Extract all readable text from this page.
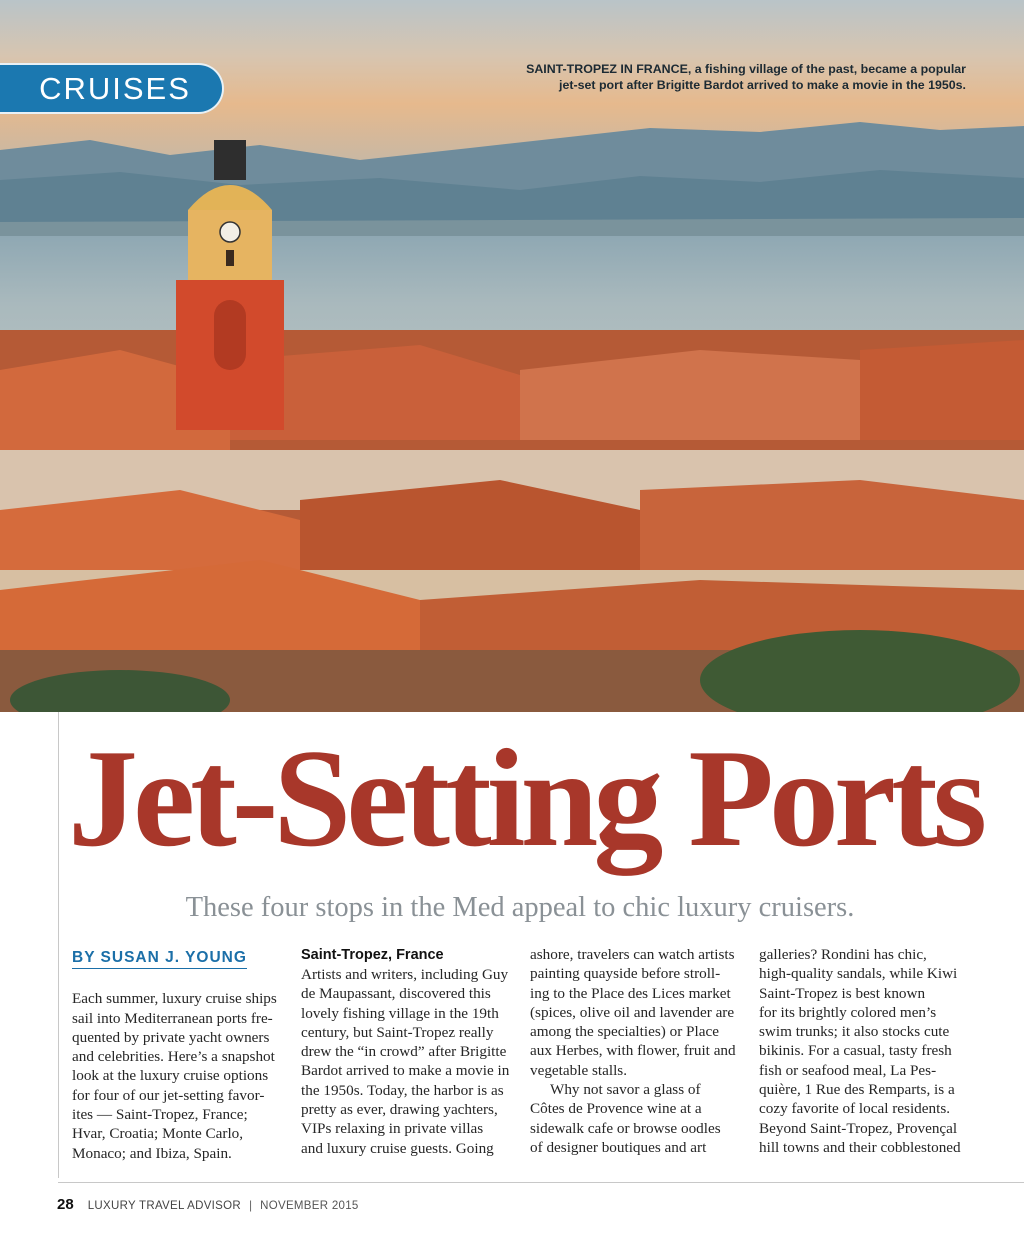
CRUISES
SAINT-TROPEZ IN FRANCE, a fishing village of the past, became a popular
jet-set port after Brigitte Bardot arrived to make a movie in the 1950s.
Jet-Setting Ports
These four stops in the Med appeal to chic luxury cruisers.
BY SUSAN J. YOUNG

Each summer, luxury cruise ships
sail into Mediterranean ports fre-
quented by private yacht owners
and celebrities. Here’s a snapshot
look at the luxury cruise options
for four of our jet-setting favor-
ites — Saint-Tropez, France;
Hvar, Croatia; Monte Carlo,
Monaco; and Ibiza, Spain.

Saint-Tropez, France

Artists and writers, including Guy
de Maupassant, discovered this
lovely fishing village in the 19th
century, but Saint-Tropez really
drew the “in crowd” after Brigitte
Bardot arrived to make a movie in
the 1950s. Today, the harbor is as
pretty as ever, drawing yachters,
VIPs relaxing in private villas
and luxury cruise guests. Going

ashore, travelers can watch artists
painting quayside before stroll-
ing to the Place des Lices market
(spices, olive oil and lavender are
among the specialties) or Place
aux Herbes, with flower, fruit and
vegetable stalls.

Why not savor a glass of
Côtes de Provence wine at a
sidewalk cafe or browse oodles
of designer boutiques and art

galleries? Rondini has chic,
high-quality sandals, while Kiwi
Saint-Tropez is best known
for its brightly colored men’s
swim trunks; it also stocks cute
bikinis. For a casual, tasty fresh
fish or seafood meal, La Pes-
quière, 1 Rue des Remparts, is a
cozy favorite of local residents.
Beyond Saint-Tropez, Provençal
hill towns and their cobblestoned

28 LUXURY TRAVEL ADVISOR | NOVEMBER 2015
